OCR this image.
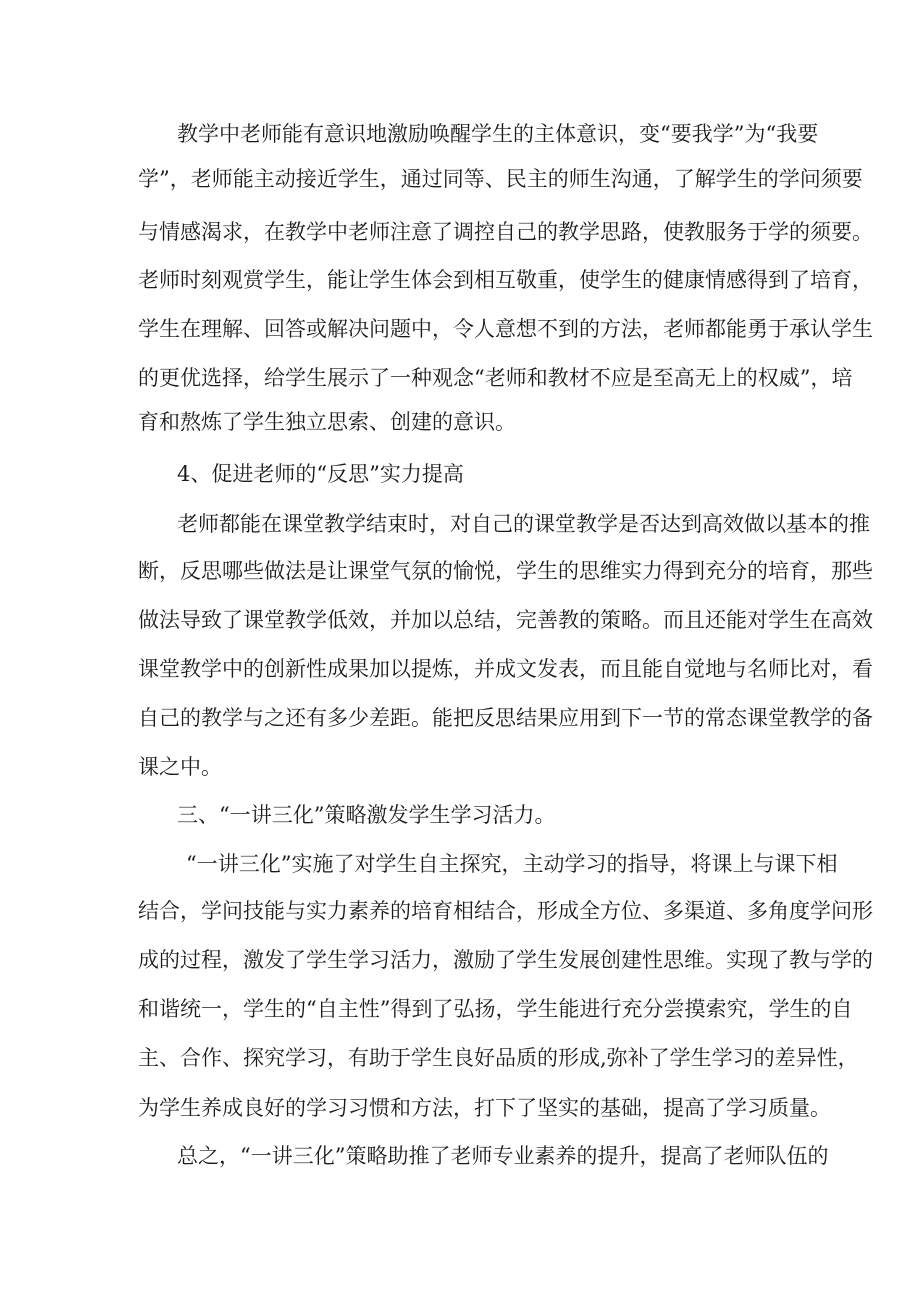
教学中老师能有意识地激励唤醒学生的主体意识，变“要我学”为“我要
学”，老师能主动接近学生，通过同等、民主的师生沟通，了解学生的学问须要
与情感渴求，在教学中老师注意了调控自己的教学思路，使教服务于学的须要。
老师时刻观赏学生，能让学生体会到相互敬重，使学生的健康情感得到了培育，
学生在理解、回答或解决问题中，令人意想不到的方法，老师都能勇于承认学生
的更优选择，给学生展示了一种观念“老师和教材不应是至高无上的权威”，培
育和熬炼了学生独立思索、创建的意识。
4、促进老师的“反思”实力提高
老师都能在课堂教学结束时，对自己的课堂教学是否达到高效做以基本的推
断，反思哪些做法是让课堂气氛的愉悦，学生的思维实力得到充分的培育，那些
做法导致了课堂教学低效，并加以总结，完善教的策略。而且还能对学生在高效
课堂教学中的创新性成果加以提炼，并成文发表，而且能自觉地与名师比对，看
自己的教学与之还有多少差距。能把反思结果应用到下一节的常态课堂教学的备
课之中。
三、“一讲三化”策略激发学生学习活力。
“一讲三化”实施了对学生自主探究，主动学习的指导，将课上与课下相
结合，学问技能与实力素养的培育相结合，形成全方位、多渠道、多角度学问形
成的过程，激发了学生学习活力，激励了学生发展创建性思维。实现了教与学的
和谐统一，学生的“自主性”得到了弘扬，学生能进行充分尝摸索究，学生的自
主、合作、探究学习，有助于学生良好品质的形成,弥补了学生学习的差异性，
为学生养成良好的学习习惯和方法，打下了坚实的基础，提高了学习质量。
总之，“一讲三化”策略助推了老师专业素养的提升，提高了老师队伍的
